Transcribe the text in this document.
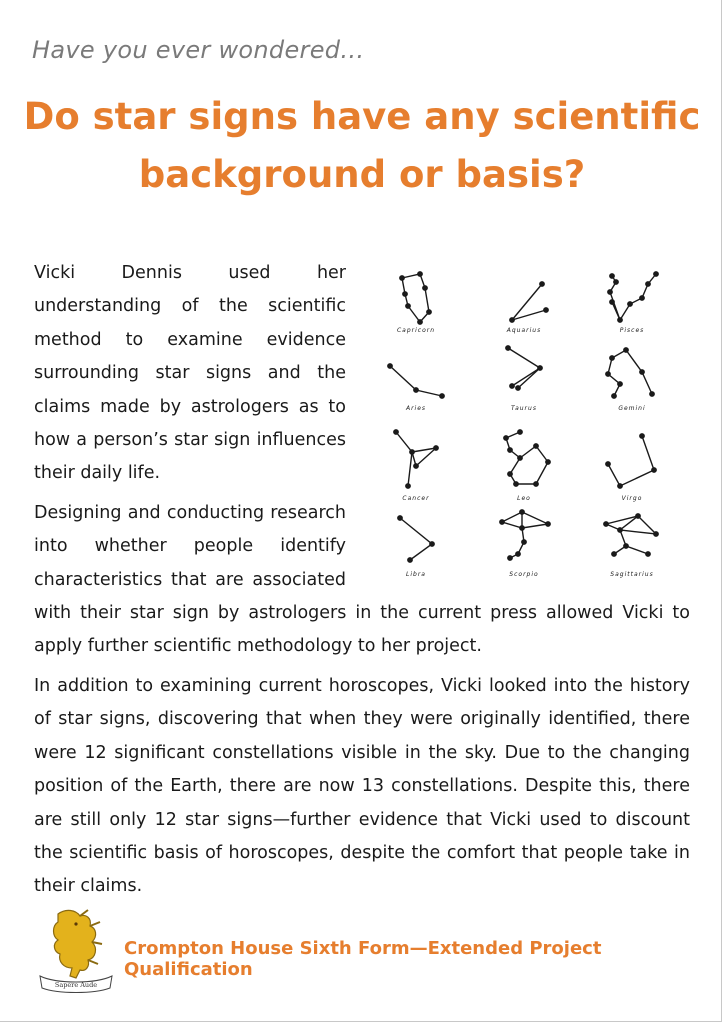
Have you ever wondered…
Do star signs have any scientific
background or basis?

Vicki Dennis used her understanding of the scientific method to examine evidence surrounding star signs and the claims made by astrologers as to how a person’s star sign influences their daily life.

Designing and conducting research into whether people identify characteristics that are associated with their star sign by astrologers in the current press allowed Vicki to apply further scientific methodology to her project.

In addition to examining current horoscopes, Vicki looked into the history of star signs, discovering that when they were originally identified, there were 12 significant constellations visible in the sky. Due to the changing position of the Earth, there are now 13 constellations. Despite this, there are still only 12 star signs—further evidence that Vicki used to discount the scientific basis of horoscopes, despite the comfort that people take in their claims.

Capricorn	Aquarius	Pisces
Aries	Taurus	Gemini
Cancer	Leo	Virgo
Libra	Scorpio	Sagittarius
Sapere Aude
Crompton House Sixth Form—Extended Project Qualification
